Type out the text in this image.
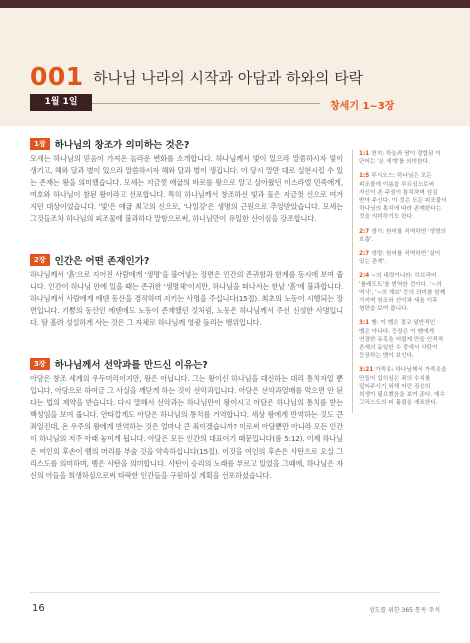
001 하나님 나라의 시작과 아담과 하와의 타락
1월 1일	창세기 1~3장
1장 하나님의 창조가 의미하는 것은?
모세는 하나님의 믿음이 가져온 놀라운 변화를 소개합니다. 하나님께서 빛이 있으라 말씀하시자 빛이 생기고, 해와 달과 별이 있으라 말씀하시자 해와 달과 별이 생깁니다. 이 당시 말만 대로 실현시킬 수 있는 존재는 왕을 의미했습니다. 모세는 지금껏 애굽의 바로를 왕으로 알고 살아왔던 이스라엘 민족에게, 여호와 하나님이 참된 왕이라고 선포합니다. 특히 하나님께서 창조하신 빛과 물은 지금껏 신으로 여겨지던 대상이었습니다. '빛'은 애굽 최고의 신으로, '나일강'은 생명의 근원으로 추앙받았습니다. 모세는 그것들조차 하나님의 피조물에 불과하다 말함으로써, 하나님만이 유일한 신이심을 강조합니다.
2장 인간은 어떤 존재인가?
하나님께서 '흙'으로 지어진 사람에게 '생명'을 불어넣는 장면은 인간의 존귀함과 한계를 동시에 보여 줍니다. 인간이 하나님 안에 있을 때는 존귀한 '생명체'이지만, 하나님을 떠나서는 한낱 '흙'에 불과합니다. 하나님께서 사람에게 에덴 동산을 경작하며 지키는 사명을 주십니다(15절). 최초의 노동이 시행되는 장면입니다. 기쁨의 동산인 에덴에도 노동이 존재했던 것처럼, 노동은 하나님께서 주신 신성한 사명입니다. 땀 흘려 성실하게 사는 것은 그 자체로 하나님께 영광 돌리는 행위입니다.
3장 하나님께서 선악과를 만드신 이유는?
아담은 창조 세계의 우두머리이지만, 왕은 아닙니다. 그는 왕이신 하나님을 대신하는 대리 통치자일 뿐입니다. 아담으로 하여금 그 사실을 깨닫게 하는 것이 선악과입니다. 아담은 선악과열매를 먹으면 안 된다는 법의 제약을 받습니다. 다시 말해서 선악과는 하나님만이 왕이시고 아담은 하나님의 통치를 받는 백성임을 보여 줍니다. 안타깝게도 아담은 하나님의 통치를 거역합니다. 세상 왕에게 반역하는 것도 큰 죄일진대, 온 우주의 왕에게 반역하는 것은 얼마나 큰 죄이겠습니까? 이로써 아담뿐만 아니라 모든 인간이 하나님의 저주 아래 놓이게 됩니다. 아담은 모든 인간의 대표이기 때문입니다(롬 5:12). 이제 하나님은 여인의 후손이 뱀의 머리를 부술 것을 약속하십니다(15절). 이것을 여인의 후손은 사탄으로 오실 그리스도를 의미하며, 뱀은 사탄을 의미합니다. 사탄이 승리의 노래를 부르고 있었을 그때에, 하나님은 자신의 아들을 희생하심으로써 타락한 인간들을 구원하실 계획을 선포하셨습니다.
1:1 천지: 하늘과 땅이 결합된 이 단어는 '온 세계'를 의미한다.
1:5 루시오스: 하나님은 모든 피조물에 이름을 부르심으로써 자신이 존 주권이 통치하며 섬김 받아 주신다. 이 것은 모든 피조물이 하나님의 통치에 따라 존재한다는 것을 의미하기도 한다.
2:7 생기: 원어를 직역하면 '생명의 호흡'.
2:7 생령: 원어를 직역하면 '살아 있는 존재'.
2:4 ~의 내력이니라: 히브리어 '톨레도트'를 번역한 것이다. '~의 역사', '~의 계보' 등의 의미를 함께 가지며 창조와 선악과 세움 이후 형편을 보여 줍니다.
3:1 뱀: 이 뱀은 결코 일반적인 뱀은 아니다. 등장은 이 뱀에게 연결한 유혹을 어렵게 만들 인격적 존재의 동일한 수 중에서 사탄이 등장하는 뱀이 보인다.
3:21 가죽옷: 하나님께서 가죽옷을 만들어 입히심은 죄의 수치를 덮어주시기 위해 어린 짐승의 희생이 필요했음을 보여 준다. 예수 그리스도의 피 흘림을 예표한다.
16	성도를 위한 365 통독 주석
